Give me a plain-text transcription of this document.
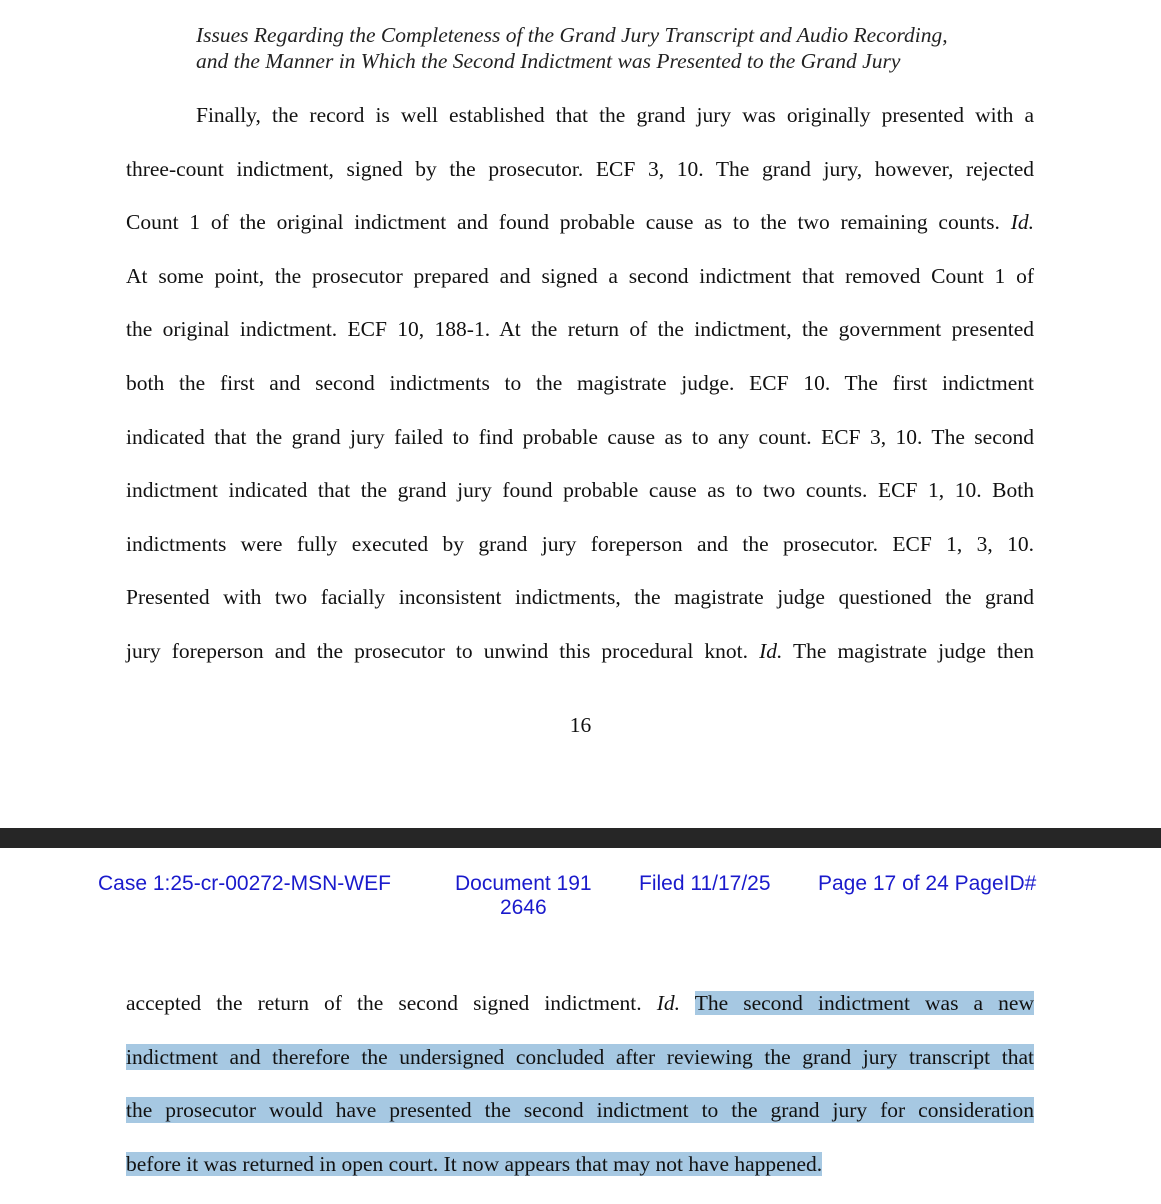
Issues Regarding the Completeness of the Grand Jury Transcript and Audio Recording,
and the Manner in Which the Second Indictment was Presented to the Grand Jury
Finally, the record is well established that the grand jury was originally presented with a
three-count indictment, signed by the prosecutor. ECF 3, 10. The grand jury, however, rejected
Count 1 of the original indictment and found probable cause as to the two remaining counts. Id.
At some point, the prosecutor prepared and signed a second indictment that removed Count 1 of
the original indictment. ECF 10, 188-1. At the return of the indictment, the government presented
both the first and second indictments to the magistrate judge. ECF 10. The first indictment
indicated that the grand jury failed to find probable cause as to any count. ECF 3, 10. The second
indictment indicated that the grand jury found probable cause as to two counts. ECF 1, 10. Both
indictments were fully executed by grand jury foreperson and the prosecutor. ECF 1, 3, 10.
Presented with two facially inconsistent indictments, the magistrate judge questioned the grand
jury foreperson and the prosecutor to unwind this procedural knot. Id. The magistrate judge then
16
Case 1:25-cr-00272-MSN-WEF	Document 191
2646
Filed 11/17/25 Page 17 of 24 PageID#
accepted the return of the second signed indictment. Id. The second indictment was a new
indictment and therefore the undersigned concluded after reviewing the grand jury transcript that
the prosecutor would have presented the second indictment to the grand jury for consideration
before it was returned in open court. It now appears that may not have happened.
